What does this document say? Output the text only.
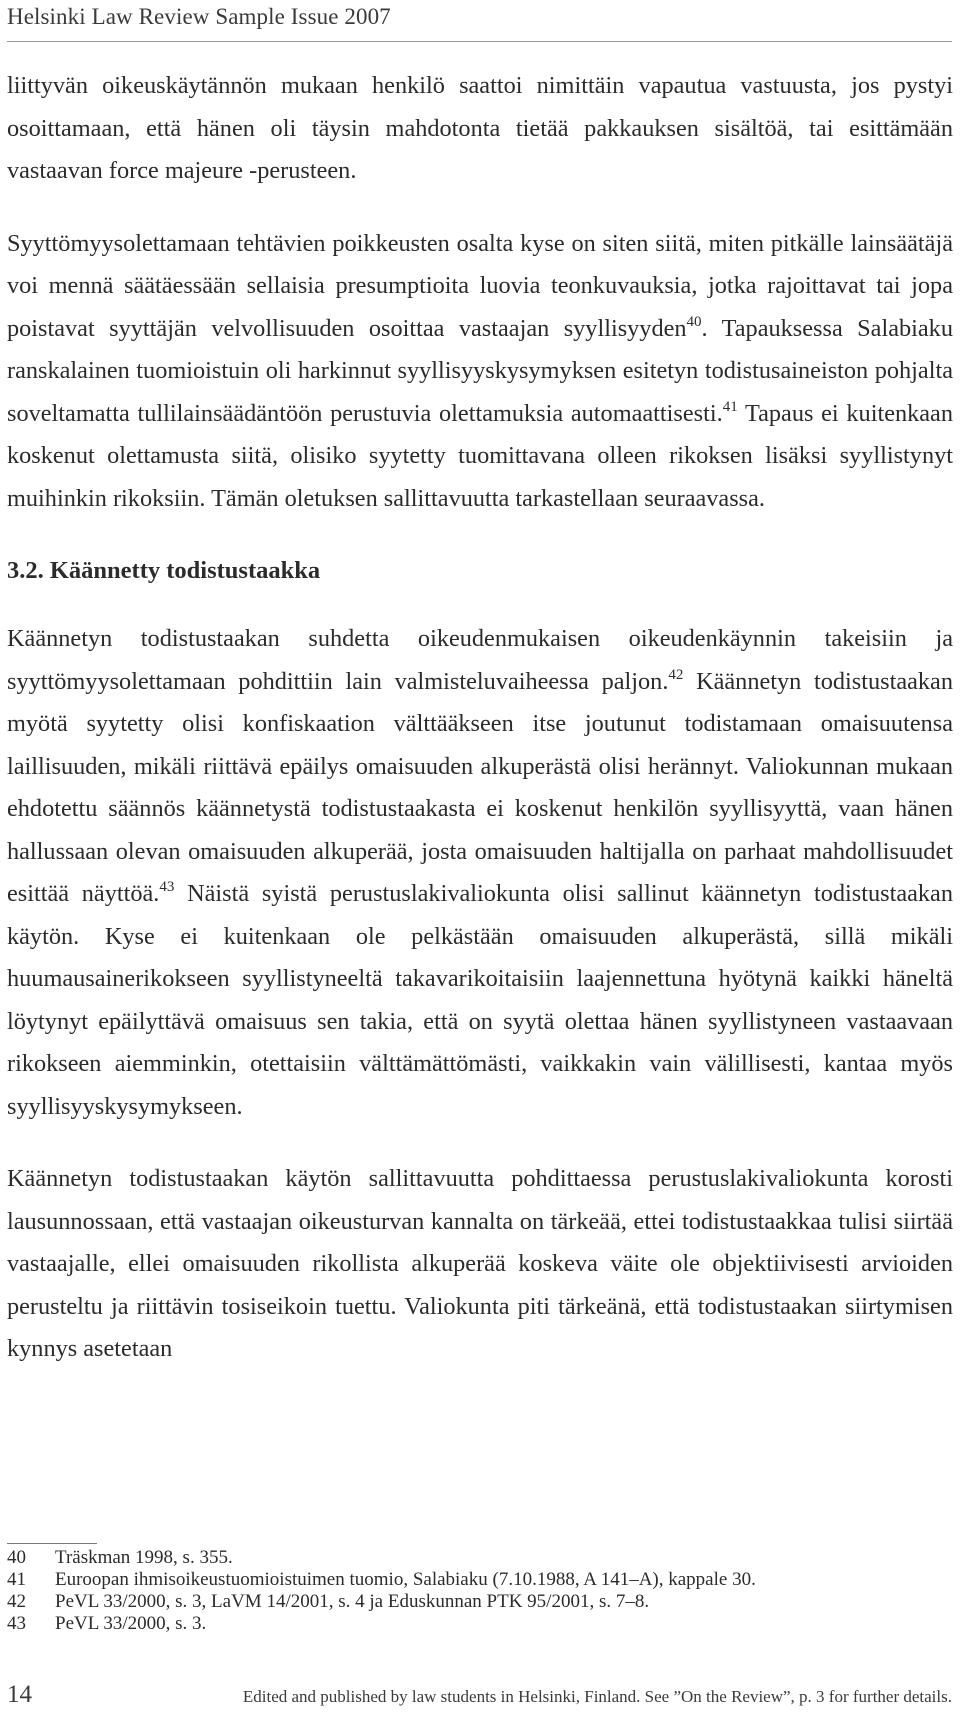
Helsinki Law Review Sample Issue 2007

liittyvän oikeuskäytännön mukaan henkilö saattoi nimittäin vapautua vastuusta, jos pystyi osoittamaan, että hänen oli täysin mahdotonta tietää pakkauksen sisältöä, tai esittämään vastaavan force majeure -perusteen.

Syyttömyysolettamaan tehtävien poikkeusten osalta kyse on siten siitä, miten pitkälle lainsäätäjä voi mennä säätäessään sellaisia presumptioita luovia teonkuvauksia, jotka rajoittavat tai jopa poistavat syyttäjän velvollisuuden osoittaa vastaajan syyllisyyden$^{40}$. Tapauksessa Salabiaku ranskalainen tuomioistuin oli harkinnut syyllisyyskysymyksen esitetyn todistusaineiston pohjalta soveltamatta tullilainsäädäntöön perustuvia olettamuksia automaattisesti.$^{41}$ Tapaus ei kuitenkaan koskenut olettamusta siitä, olisiko syytetty tuomittavana olleen rikoksen lisäksi syyllistynyt muihinkin rikoksiin. Tämän oletuksen sallittavuutta tarkastellaan seuraavassa.

3.2. Käännetty todistustaakka

Käännetyn todistustaakan suhdetta oikeudenmukaisen oikeudenkäynnin takeisiin ja syyttömyysolettamaan pohdittiin lain valmisteluvaiheessa paljon.$^{42}$ Käännetyn todistustaakan myötä syytetty olisi konfiskaation välttääkseen itse joutunut todistamaan omaisuutensa laillisuuden, mikäli riittävä epäilys omaisuuden alkuperästä olisi herännyt. Valiokunnan mukaan ehdotettu säännös käännetystä todistustaakasta ei koskenut henkilön syyllisyyttä, vaan hänen hallussaan olevan omaisuuden alkuperää, josta omaisuuden haltijalla on parhaat mahdollisuudet esittää näyttöä.$^{43}$ Näistä syistä perustuslakivaliokunta olisi sallinut käännetyn todistustaakan käytön. Kyse ei kuitenkaan ole pelkästään omaisuuden alkuperästä, sillä mikäli huumausainerikokseen syyllistyneeltä takavarikoitaisiin laajennettuna hyötynä kaikki häneltä löytynyt epäilyttävä omaisuus sen takia, että on syytä olettaa hänen syyllistyneen vastaavaan rikokseen aiemminkin, otettaisiin välttämättömästi, vaikkakin vain välillisesti, kantaa myös syyllisyyskysymykseen.

Käännetyn todistustaakan käytön sallittavuutta pohdittaessa perustuslakivaliokunta korosti lausunnossaan, että vastaajan oikeusturvan kannalta on tärkeää, ettei todistustaakkaa tulisi siirtää vastaajalle, ellei omaisuuden rikollista alkuperää koskeva väite ole objektiivisesti arvioiden perusteltu ja riittävin tosiseikoin tuettu. Valiokunta piti tärkeänä, että todistustaakan siirtymisen kynnys asetetaan

40	Träskman 1998, s. 355.
41	Euroopan ihmisoikeustuomioistuimen tuomio, Salabiaku (7.10.1988, A 141–A), kappale 30.
42	PeVL 33/2000, s. 3, LaVM 14/2001, s. 4 ja Eduskunnan PTK 95/2001, s. 7–8.
43	PeVL 33/2000, s. 3.
14	Edited and published by law students in Helsinki, Finland. See ”On the Review”, p. 3 for further details.
